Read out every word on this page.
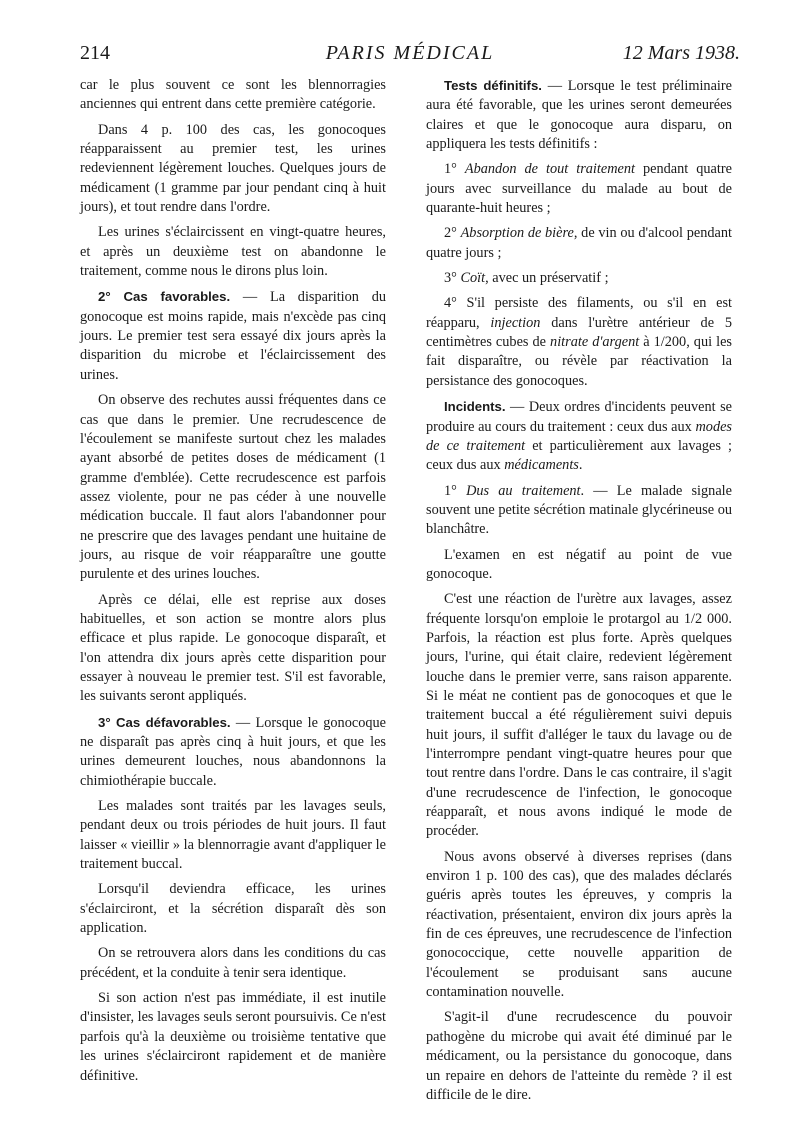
214	PARIS MÉDICAL	12 Mars 1938.

car le plus souvent ce sont les blennorragies anciennes qui entrent dans cette première catégorie.

Dans 4 p. 100 des cas, les gonocoques réapparaissent au premier test, les urines redeviennent légèrement louches. Quelques jours de médicament (1 gramme par jour pendant cinq à huit jours), et tout rendre dans l'ordre.

Les urines s'éclaircissent en vingt-quatre heures, et après un deuxième test on abandonne le traitement, comme nous le dirons plus loin.

2° Cas favorables. — La disparition du gonocoque est moins rapide, mais n'excède pas cinq jours. Le premier test sera essayé dix jours après la disparition du microbe et l'éclaircissement des urines.

On observe des rechutes aussi fréquentes dans ce cas que dans le premier. Une recrudescence de l'écoulement se manifeste surtout chez les malades ayant absorbé de petites doses de médicament (1 gramme d'emblée). Cette recrudescence est parfois assez violente, pour ne pas céder à une nouvelle médication buccale. Il faut alors l'abandonner pour ne prescrire que des lavages pendant une huitaine de jours, au risque de voir réapparaître une goutte purulente et des urines louches.

Après ce délai, elle est reprise aux doses habituelles, et son action se montre alors plus efficace et plus rapide. Le gonocoque disparaît, et l'on attendra dix jours après cette disparition pour essayer à nouveau le premier test. S'il est favorable, les suivants seront appliqués.

3° Cas défavorables. — Lorsque le gonocoque ne disparaît pas après cinq à huit jours, et que les urines demeurent louches, nous abandonnons la chimiothérapie buccale.

Les malades sont traités par les lavages seuls, pendant deux ou trois périodes de huit jours. Il faut laisser « vieillir » la blennorragie avant d'appliquer le traitement buccal.

Lorsqu'il deviendra efficace, les urines s'éclairciront, et la sécrétion disparaît dès son application.

On se retrouvera alors dans les conditions du cas précédent, et la conduite à tenir sera identique.

Si son action n'est pas immédiate, il est inutile d'insister, les lavages seuls seront poursuivis. Ce n'est parfois qu'à la deuxième ou troisième tentative que les urines s'éclairciront rapidement et de manière définitive.

Tests définitifs. — Lorsque le test préliminaire aura été favorable, que les urines seront demeurées claires et que le gonocoque aura disparu, on appliquera les tests définitifs :

1° Abandon de tout traitement pendant quatre jours avec surveillance du malade au bout de quarante-huit heures ;

2° Absorption de bière, de vin ou d'alcool pendant quatre jours ;

3° Coït, avec un préservatif ;

4° S'il persiste des filaments, ou s'il en est réapparu, injection dans l'urètre antérieur de 5 centimètres cubes de nitrate d'argent à 1/200, qui les fait disparaître, ou révèle par réactivation la persistance des gonocoques.

Incidents. — Deux ordres d'incidents peuvent se produire au cours du traitement : ceux dus aux modes de ce traitement et particulièrement aux lavages ; ceux dus aux médicaments.

1° Dus au traitement. — Le malade signale souvent une petite sécrétion matinale glycérineuse ou blanchâtre.

L'examen en est négatif au point de vue gonocoque.

C'est une réaction de l'urètre aux lavages, assez fréquente lorsqu'on emploie le protargol au 1/2 000. Parfois, la réaction est plus forte. Après quelques jours, l'urine, qui était claire, redevient légèrement louche dans le premier verre, sans raison apparente. Si le méat ne contient pas de gonocoques et que le traitement buccal a été régulièrement suivi depuis huit jours, il suffit d'alléger le taux du lavage ou de l'interrompre pendant vingt-quatre heures pour que tout rentre dans l'ordre. Dans le cas contraire, il s'agit d'une recrudescence de l'infection, le gonocoque réapparaît, et nous avons indiqué le mode de procéder.

Nous avons observé à diverses reprises (dans environ 1 p. 100 des cas), que des malades déclarés guéris après toutes les épreuves, y compris la réactivation, présentaient, environ dix jours après la fin de ces épreuves, une recrudescence de l'infection gonococcique, cette nouvelle apparition de l'écoulement se produisant sans aucune contamination nouvelle.

S'agit-il d'une recrudescence du pouvoir pathogène du microbe qui avait été diminué par le médicament, ou la persistance du gonocoque, dans un repaire en dehors de l'atteinte du remède ? il est difficile de le dire.
